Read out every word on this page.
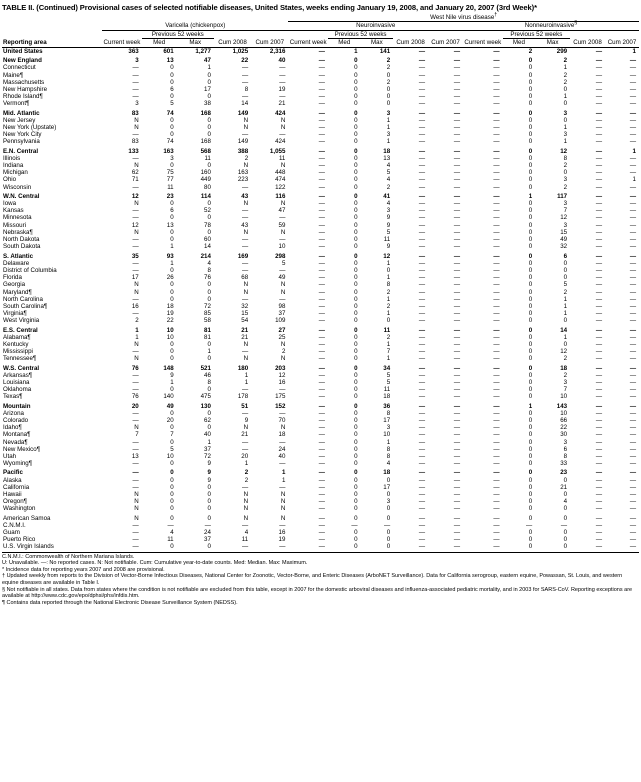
TABLE II. (Continued) Provisional cases of selected notifiable diseases, United States, weeks ending January 19, 2008, and January 20, 2007 (3rd Week)*
						West Nile virus disease†									
	Varicella (chickenpox)					Neuroinvasive					Nonneuroinvasive§				
		Previous 52 weeks					Previous 52 weeks					Previous 52 weeks			
Reporting area	Current week	Med	Max	Cum 2008	Cum 2007	Current week	Med	Max	Cum 2008	Cum 2007	Current week	Med	Max	Cum 2008	Cum 2007

United States	363	601	1,277	1,025	2,316	—	1	141	—	—	—	2	299	—	1
New England	3	13	47	22	40	—	0	2	—	—	—	0	2	—	—
Connecticut	—	0	1	—	—	—	0	2	—	—	—	0	1	—	—
Maine¶	—	0	0	—	—	—	0	0	—	—	—	0	2	—	—
Massachusetts	—	0	0	—	—	—	0	2	—	—	—	0	2	—	—
New Hampshire	—	6	17	8	19	—	0	0	—	—	—	0	0	—	—
Rhode Island¶	—	0	0	—	—	—	0	0	—	—	—	0	1	—	—
Vermont¶	3	5	38	14	21	—	0	0	—	—	—	0	0	—	—
Mid. Atlantic	83	74	168	149	424	—	0	3	—	—	—	0	3	—	—
New Jersey	N	0	0	N	N	—	0	1	—	—	—	0	0	—	—
New York (Upstate)	N	0	0	N	N	—	0	1	—	—	—	0	1	—	—
New York City	—	0	0	—	—	—	0	3	—	—	—	0	3	—	—
Pennsylvania	83	74	168	149	424	—	0	1	—	—	—	0	1	—	—
E.N. Central	133	163	568	388	1,055	—	0	18	—	—	—	0	12	—	1
Illinois	—	3	11	2	11	—	0	13	—	—	—	0	8	—	—
Indiana	N	0	0	N	N	—	0	4	—	—	—	0	2	—	—
Michigan	62	75	160	163	448	—	0	5	—	—	—	0	0	—	—
Ohio	71	77	449	223	474	—	0	4	—	—	—	0	3	—	1
Wisconsin	—	11	80	—	122	—	0	2	—	—	—	0	2	—	—
W.N. Central	12	23	114	43	116	—	0	41	—	—	—	1	117	—	—
Iowa	N	0	0	N	N	—	0	4	—	—	—	0	3	—	—
Kansas	—	6	52	—	47	—	0	3	—	—	—	0	7	—	—
Minnesota	—	0	0	—	—	—	0	9	—	—	—	0	12	—	—
Missouri	12	13	78	43	59	—	0	9	—	—	—	0	3	—	—
Nebraska¶	N	0	0	N	N	—	0	5	—	—	—	0	15	—	—
North Dakota	—	0	60	—	—	—	0	11	—	—	—	0	49	—	—
South Dakota	—	1	14	—	10	—	0	9	—	—	—	0	32	—	—
S. Atlantic	35	93	214	169	298	—	0	12	—	—	—	0	6	—	—
Delaware	—	1	4	—	5	—	0	1	—	—	—	0	0	—	—
District of Columbia	—	0	8	—	—	—	0	0	—	—	—	0	0	—	—
Florida	17	26	76	68	49	—	0	1	—	—	—	0	0	—	—
Georgia	N	0	0	N	N	—	0	8	—	—	—	0	5	—	—
Maryland¶	N	0	0	N	N	—	0	2	—	—	—	0	2	—	—
North Carolina	—	0	0	—	—	—	0	1	—	—	—	0	1	—	—
South Carolina¶	16	18	72	32	98	—	0	2	—	—	—	0	1	—	—
Virginia¶	—	19	85	15	37	—	0	1	—	—	—	0	1	—	—
West Virginia	2	22	58	54	109	—	0	0	—	—	—	0	0	—	—
E.S. Central	1	10	81	21	27	—	0	11	—	—	—	0	14	—	—
Alabama¶	1	10	81	21	25	—	0	2	—	—	—	0	1	—	—
Kentucky	N	0	0	N	N	—	0	1	—	—	—	0	0	—	—
Mississippi	—	0	1	—	2	—	0	7	—	—	—	0	12	—	—
Tennessee¶	N	0	0	N	N	—	0	1	—	—	—	0	2	—	—
W.S. Central	76	148	521	180	203	—	0	34	—	—	—	0	18	—	—
Arkansas¶	—	9	46	1	12	—	0	5	—	—	—	0	2	—	—
Louisiana	—	1	8	1	16	—	0	5	—	—	—	0	3	—	—
Oklahoma	—	0	0	—	—	—	0	11	—	—	—	0	7	—	—
Texas¶	76	140	475	178	175	—	0	18	—	—	—	0	10	—	—
Mountain	20	49	130	51	152	—	0	36	—	—	—	1	143	—	—
Arizona	—	0	0	—	—	—	0	8	—	—	—	0	10	—	—
Colorado	—	20	62	9	70	—	0	17	—	—	—	0	66	—	—
Idaho¶	N	0	0	N	N	—	0	3	—	—	—	0	22	—	—
Montana¶	7	7	40	21	18	—	0	10	—	—	—	0	30	—	—
Nevada¶	—	0	1	—	—	—	0	1	—	—	—	0	3	—	—
New Mexico¶	—	5	37	—	24	—	0	8	—	—	—	0	6	—	—
Utah	13	10	72	20	40	—	0	8	—	—	—	0	8	—	—
Wyoming¶	—	0	9	1	—	—	0	4	—	—	—	0	33	—	—
Pacific	—	0	9	2	1	—	0	18	—	—	—	0	23	—	—
Alaska	—	0	9	2	1	—	0	0	—	—	—	0	0	—	—
California	—	0	0	—	—	—	0	17	—	—	—	0	21	—	—
Hawaii	N	0	0	N	N	—	0	0	—	—	—	0	0	—	—
Oregon¶	N	0	0	N	N	—	0	3	—	—	—	0	4	—	—
Washington	N	0	0	N	N	—	0	0	—	—	—	0	0	—	—
American Samoa	N	0	0	N	N	—	0	0	—	—	—	0	0	—	—
C.N.M.I.	—	—	—	—	—	—	—	—	—	—	—	—	—	—	—
Guam	—	4	24	4	16	—	0	0	—	—	—	0	0	—	—
Puerto Rico	—	11	37	11	19	—	0	0	—	—	—	0	0	—	—
U.S. Virgin Islands	—	0	0	—	—	—	0	0	—	—	—	0	0	—	—
C.N.M.I.: Commonwealth of Northern Mariana Islands.
U: Unavailable. —: No reported cases. N: Not notifiable. Cum: Cumulative year-to-date counts. Med: Median. Max: Maximum.
* Incidence data for reporting years 2007 and 2008 are provisional.
† Updated weekly from reports to the Division of Vector-Borne Infectious Diseases, National Center for Zoonotic, Vector-Borne, and Enteric Diseases (ArboNET Surveillance). Data for California serogroup, eastern equine, Powassan, St. Louis, and western equine diseases are available in Table I.
§ Not notifiable in all states. Data from states where the condition is not notifiable are excluded from this table, except in 2007 for the domestic arboviral diseases and influenza-associated pediatric mortality, and in 2003 for SARS-CoV. Reporting exceptions are available at http://www.cdc.gov/epo/dphsi/phs/infdis.htm.
¶ Contains data reported through the National Electronic Disease Surveillance System (NEDSS).
